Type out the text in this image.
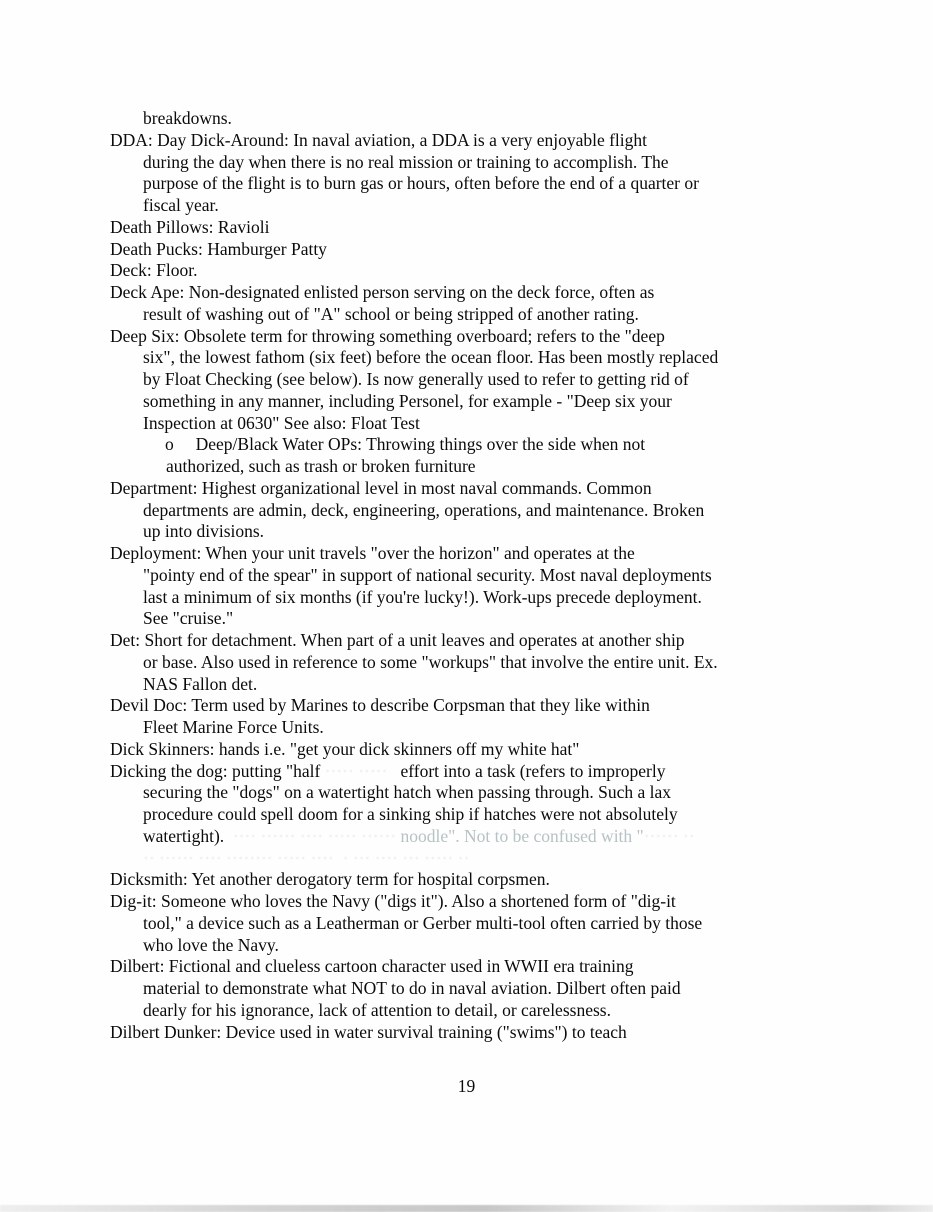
breakdowns.
DDA: Day Dick-Around: In naval aviation, a DDA is a very enjoyable flight
during the day when there is no real mission or training to accomplish. The
purpose of the flight is to burn gas or hours, often before the end of a quarter or
fiscal year.
Death Pillows: Ravioli
Death Pucks: Hamburger Patty
Deck: Floor.
Deck Ape: Non-designated enlisted person serving on the deck force, often as
result of washing out of "A" school or being stripped of another rating.
Deep Six: Obsolete term for throwing something overboard; refers to the "deep
six", the lowest fathom (six feet) before the ocean floor. Has been mostly replaced
by Float Checking (see below). Is now generally used to refer to getting rid of
something in any manner, including Personel, for example - "Deep six your
Inspection at 0630" See also: Float Test
o     Deep/Black Water OPs: Throwing things over the side when not
authorized, such as trash or broken furniture
Department: Highest organizational level in most naval commands. Common
departments are admin, deck, engineering, operations, and maintenance. Broken
up into divisions.
Deployment: When your unit travels "over the horizon" and operates at the
"pointy end of the spear" in support of national security. Most naval deployments
last a minimum of six months (if you're lucky!). Work-ups precede deployment.
See "cruise."
Det: Short for detachment. When part of a unit leaves and operates at another ship
or base. Also used in reference to some "workups" that involve the entire unit. Ex.
NAS Fallon det.
Devil Doc: Term used by Marines to describe Corpsman that they like within
Fleet Marine Force Units.
Dick Skinners: hands i.e. "get your dick skinners off my white hat"
Dicking the dog: putting "half ····· ·····   effort into a task (refers to improperly
securing the "dogs" on a watertight hatch when passing through. Such a lax
procedure could spell doom for a sinking ship if hatches were not absolutely
watertight).  ···· ······ ···· ····· ······ noodle". Not to be confused with "······ ··
·· ······ ···· ········ ····· ····  · ··· ···· ··· ····· ··
Dicksmith: Yet another derogatory term for hospital corpsmen.
Dig-it: Someone who loves the Navy ("digs it"). Also a shortened form of "dig-it
tool," a device such as a Leatherman or Gerber multi-tool often carried by those
who love the Navy.
Dilbert: Fictional and clueless cartoon character used in WWII era training
material to demonstrate what NOT to do in naval aviation. Dilbert often paid
dearly for his ignorance, lack of attention to detail, or carelessness.
Dilbert Dunker: Device used in water survival training ("swims") to teach
19
